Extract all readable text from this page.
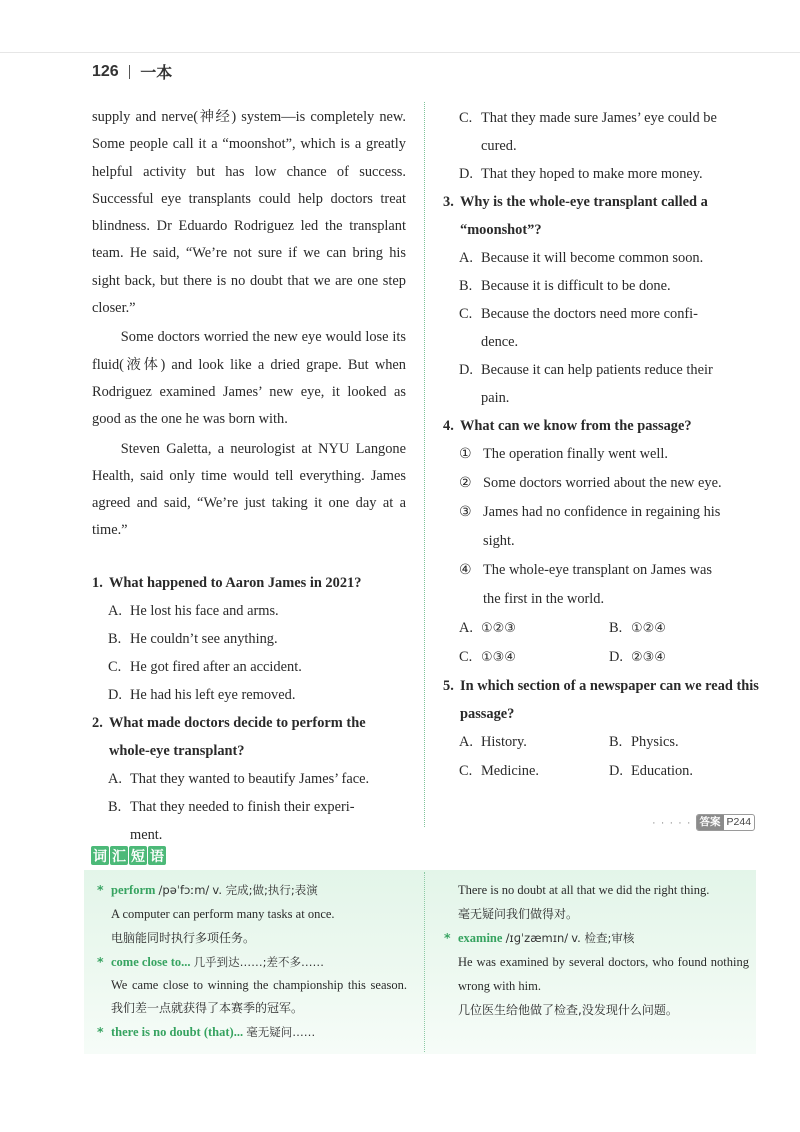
126 一本

supply and nerve(神经) system—is completely new. Some people call it a “moonshot”, which is a greatly helpful activity but has low chance of success. Successful eye transplants could help doctors treat blindness. Dr Eduardo Rodriguez led the transplant team. He said, “We’re not sure if we can bring his sight back, but there is no doubt that we are one step closer.”

Some doctors worried the new eye would lose its fluid(液体) and look like a dried grape. But when Rodriguez examined James’ new eye, it looked as good as the one he was born with.

Steven Galetta, a neurologist at NYU Langone Health, said only time would tell everything. James agreed and said, “We’re just taking it one day at a time.”

1. What happened to Aaron James in 2021?
A. He lost his face and arms.
B. He couldn’t see anything.
C. He got fired after an accident.
D. He had his left eye removed.
2. What made doctors decide to perform the whole-eye transplant?
A. That they wanted to beautify James’ face.
B. That they needed to finish their experi-
ment.
C. That they made sure James’ eye could be
cured.
D. That they hoped to make more money.
3. Why is the whole-eye transplant called a “moonshot”?
A. Because it will become common soon.
B. Because it is difficult to be done.
C. Because the doctors need more confi-
dence.
D. Because it can help patients reduce their
pain.
4. What can we know from the passage?
① The operation finally went well.
② Some doctors worried about the new eye.
③ James had no confidence in regaining his
sight.
④ The whole-eye transplant on James was
the first in the world.
A. ①②③	B. ①②④
C. ①③④	D. ②③④
5. In which section of a newspaper can we read this passage?
A. History.	B. Physics.
C. Medicine.	D. Education.
· · · · · 答案 P244
词 汇 短 语
* perform /pəˈfɔːm/ v. 完成;做;执行;表演
A computer can perform many tasks at once.
电脑能同时执行多项任务。
* come close to... 几乎到达……;差不多……
We came close to winning the championship this season. 我们差一点就获得了本赛季的冠军。
* there is no doubt (that)... 毫无疑问……
There is no doubt at all that we did the right thing.
毫无疑问我们做得对。
* examine /ɪɡˈzæmɪn/ v. 检查;审核
He was examined by several doctors, who found nothing wrong with him.
几位医生给他做了检查,没发现什么问题。
